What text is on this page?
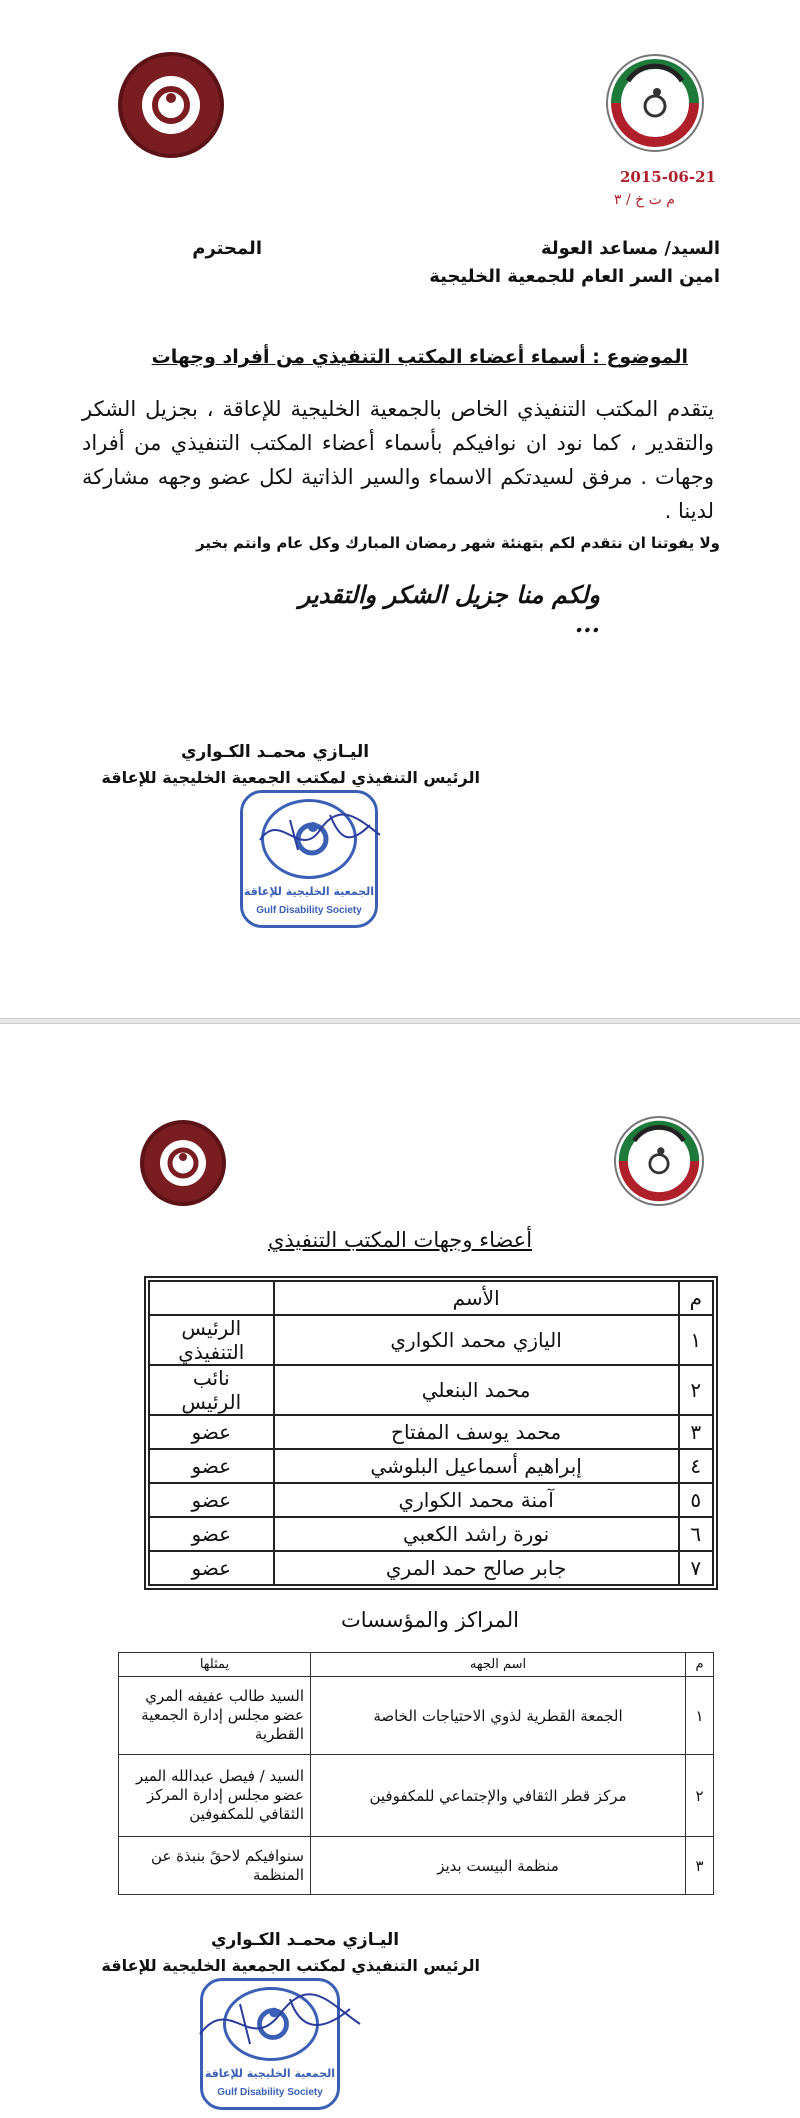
2015-06-21
م ت خ / ٣
السيد/ مساعد العولة
المحترم
امين السر العام للجمعية الخليجية
الموضوع : أسماء أعضاء المكتب التنفيذي من أفراد وجهات
يتقدم المكتب التنفيذي الخاص بالجمعية الخليجية للإعاقة ، بجزيل الشكر والتقدير ، كما نود ان نوافيكم بأسماء أعضاء المكتب التنفيذي من أفراد وجهات . مرفق لسيدتكم الاسماء والسير الذاتية لكل عضو وجهه مشاركة لدينا .
ولا يفوتنا ان نتقدم لكم بتهنئة شهر رمضان المبارك وكل عام وانتم بخير
ولكم منا جزيل الشكر والتقدير ...
اليـازي محمـد الكـواري
الرئيس التنفيذي لمكتب الجمعية الخليجية للإعاقة
الجمعية الخليجية للإعاقة
Gulf Disability Society
أعضاء وجهات المكتب التنفيذي
م	الأسم	
١	اليازي محمد الكواري	الرئيس التنفيذي
٢	محمد البنعلي	نائب الرئيس
٣	محمد يوسف المفتاح	عضو
٤	إبراهيم أسماعيل البلوشي	عضو
٥	آمنة محمد الكواري	عضو
٦	نورة راشد الكعبي	عضو
٧	جابر صالح حمد المري	عضو
المراكز والمؤسسات
م	اسم الجهه	يمثلها
١	الجمعة القطرية لذوي الاحتياجات الخاصة	السيد طالب عفيفه المري عضو مجلس إدارة الجمعية القطرية
٢	مركز قطر الثقافي والإجتماعي للمكفوفين	السيد / فيصل عبدالله المير عضو مجلس إدارة المركز الثقافي للمكفوفين
٣	منظمة البيست بديز	سنوافيكم لاحقً بنبذة عن المنظمة
اليـازي محمـد الكـواري
الرئيس التنفيذي لمكتب الجمعية الخليجية للإعاقة
الجمعية الخليجية للإعاقة
Gulf Disability Society
